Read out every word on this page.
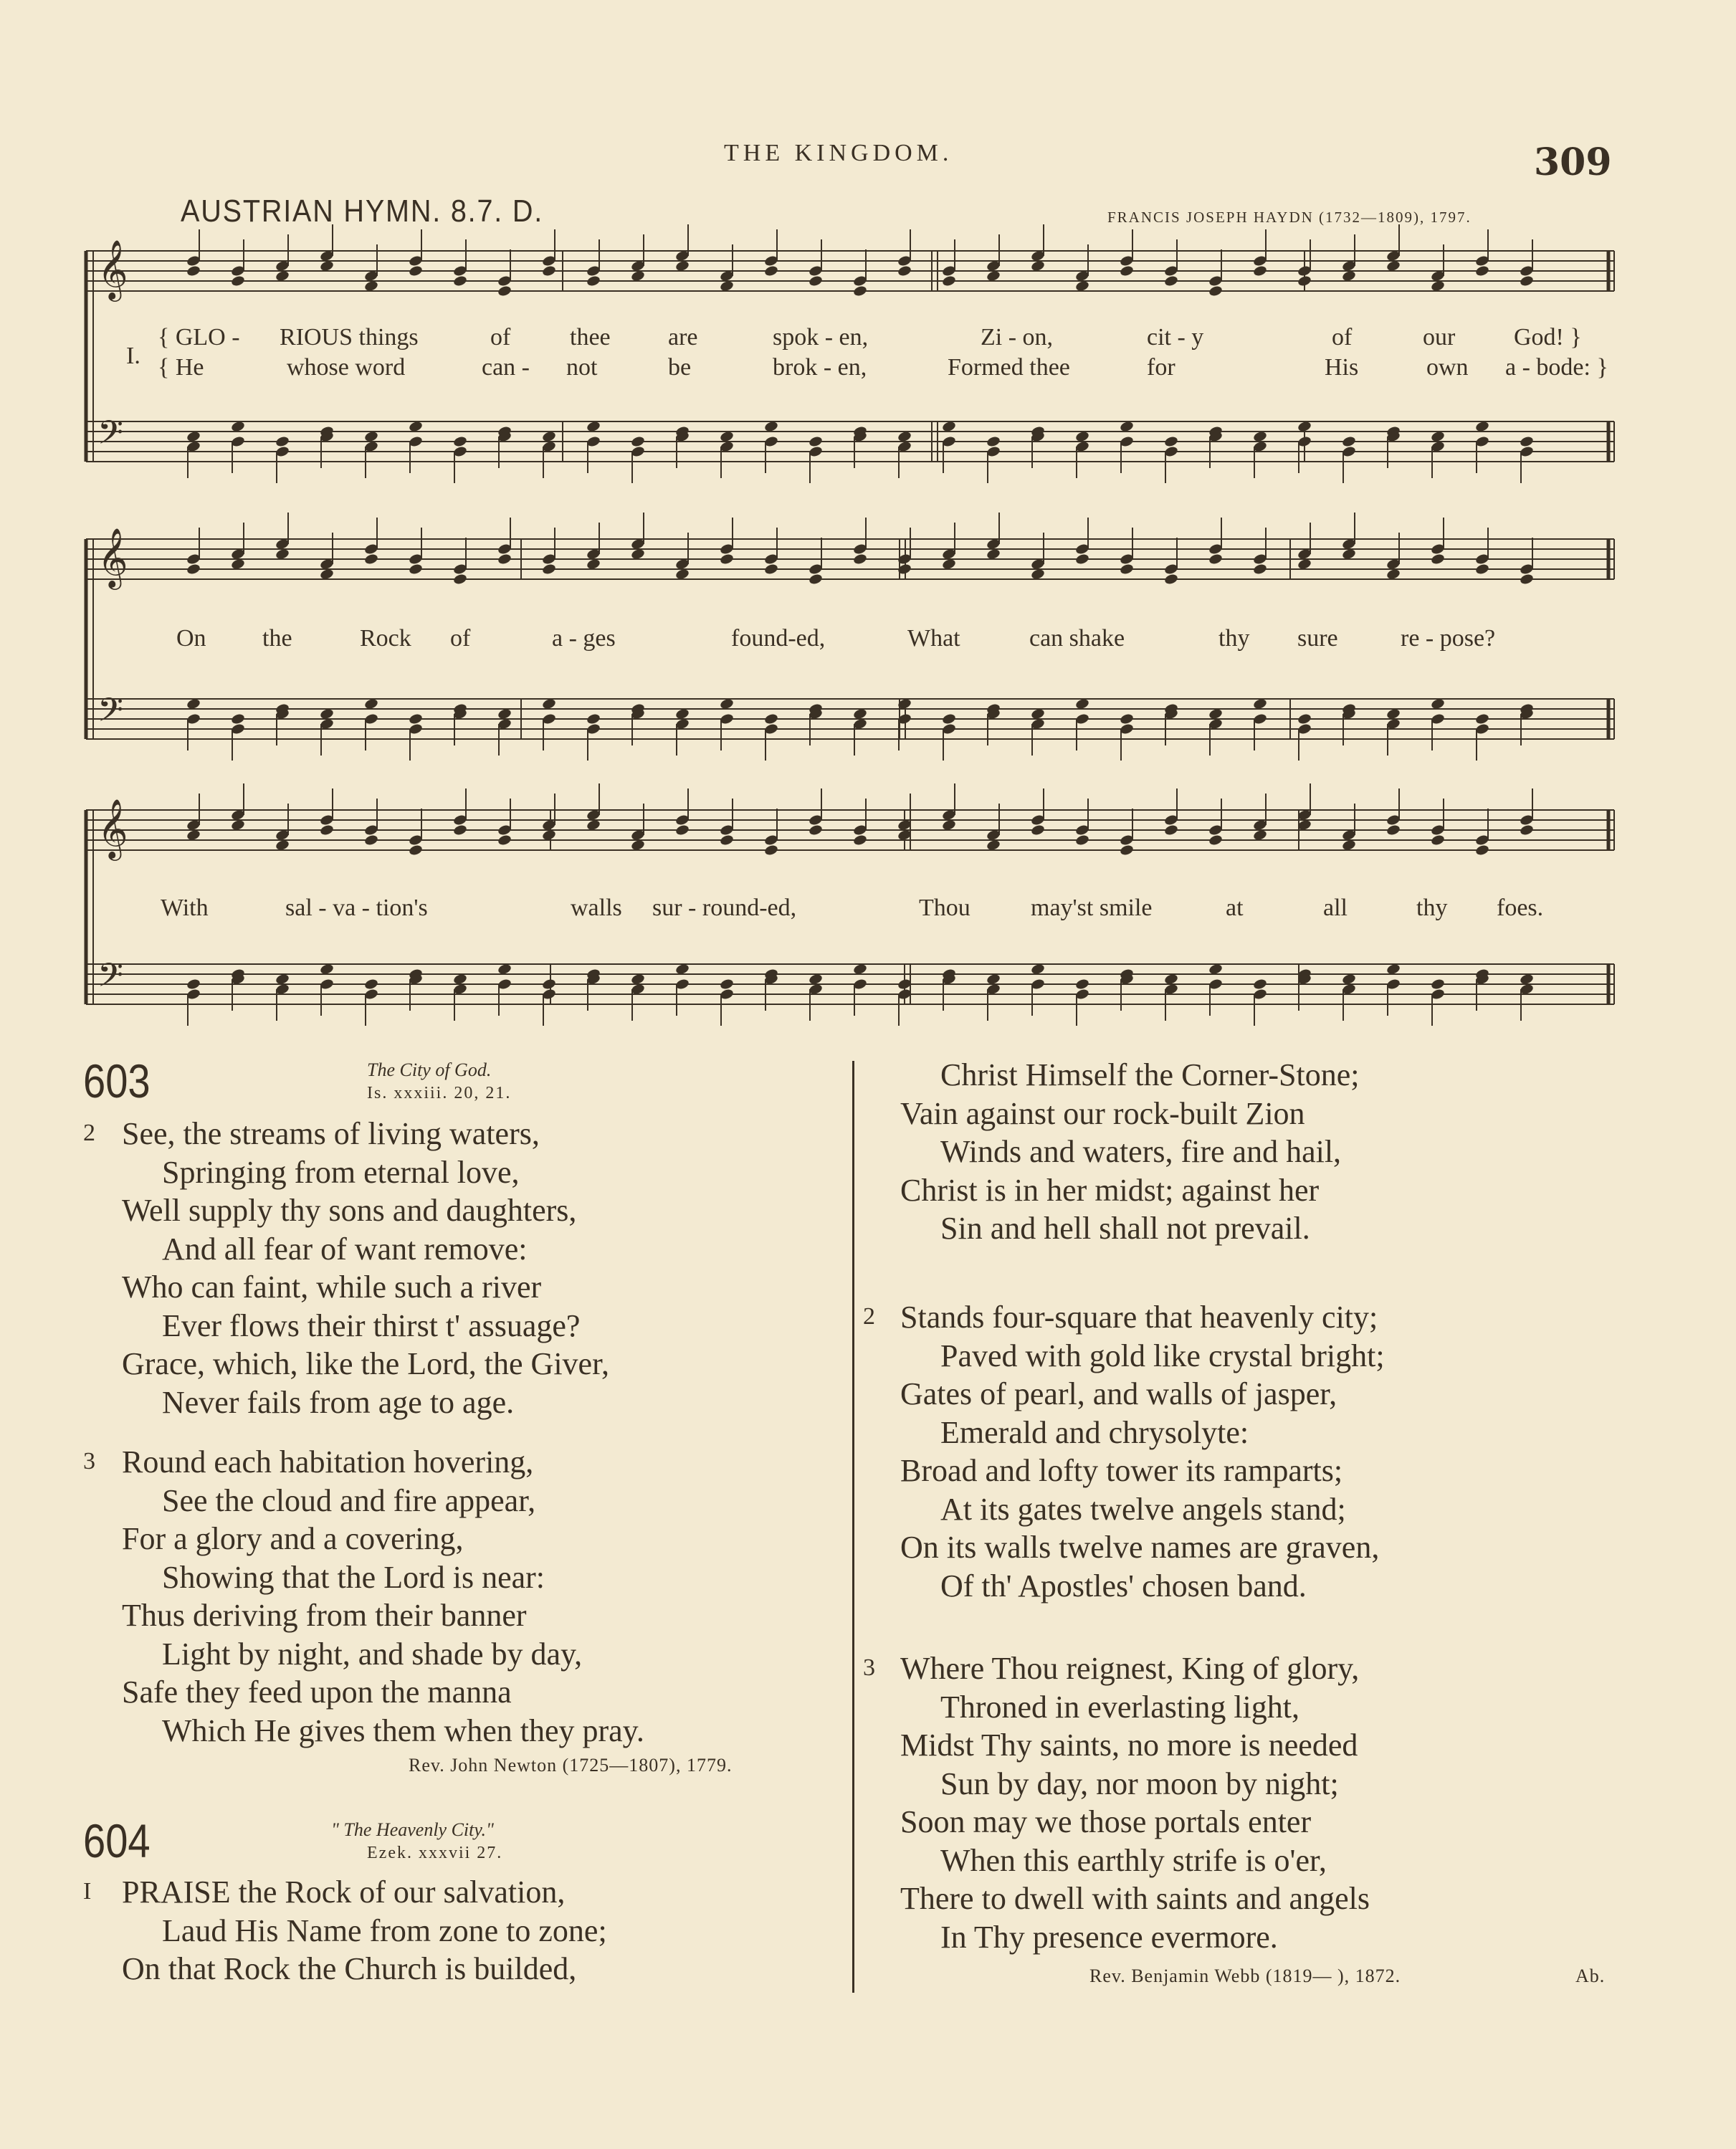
THE KINGDOM.	309
AUSTRIAN HYMN. 8.7. D.	FRANCIS JOSEPH HAYDN (1732—1809), 1797.
𝄞
𝄢
𝄞
𝄢
𝄞
𝄢
I.
{ GLO - RIOUS things	of thee are	spok - en,	Zi - on,	cit - y	of	our God! }
{ He	whose word	can - not	be	brok - en,	Formed thee	for	His	own a - bode: }
On the	Rock of	a - ges	found-ed,	What	can shake	thy sure	re - pose?
With	sal - va - tion's	walls sur - round-ed,	Thou may'st smile	at	all	thy foes.
603	The City of God.
Is. xxxiii. 20, 21.
2 See, the streams of living waters,
Springing from eternal love,
Well supply thy sons and daughters,
And all fear of want remove:
Who can faint, while such a river
Ever flows their thirst t' assuage?
Grace, which, like the Lord, the Giver,
Never fails from age to age.
3 Round each habitation hovering,
See the cloud and fire appear,
For a glory and a covering,
Showing that the Lord is near:
Thus deriving from their banner
Light by night, and shade by day,
Safe they feed upon the manna
Which He gives them when they pray.
Rev. John Newton (1725—1807), 1779.
604	" The Heavenly City."
Ezek. xxxvii 27.
I PRAISE the Rock of our salvation,
Laud His Name from zone to zone;
On that Rock the Church is builded,
Christ Himself the Corner-Stone;
Vain against our rock-built Zion
Winds and waters, fire and hail,
Christ is in her midst; against her
Sin and hell shall not prevail.
2 Stands four-square that heavenly city;
Paved with gold like crystal bright;
Gates of pearl, and walls of jasper,
Emerald and chrysolyte:
Broad and lofty tower its ramparts;
At its gates twelve angels stand;
On its walls twelve names are graven,
Of th' Apostles' chosen band.
3 Where Thou reignest, King of glory,
Throned in everlasting light,
Midst Thy saints, no more is needed
Sun by day, nor moon by night;
Soon may we those portals enter
When this earthly strife is o'er,
There to dwell with saints and angels
In Thy presence evermore.
Rev. Benjamin Webb (1819— ), 1872.	Ab.
